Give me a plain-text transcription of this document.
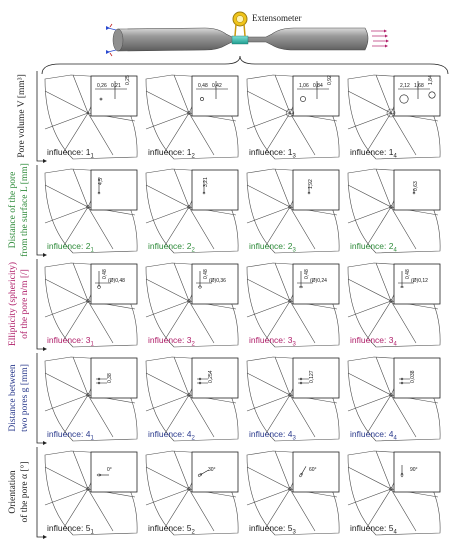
Extensometer
Pore volume V [mm³]	0,26 0,21
0,25
influence: $1_1$
0,48 0,42
influence: $1_2$
1,06 0,84
0,92
influence: $1_3$
2,12 1,68
1,84
influence: $1_4$
Distance of the pore from the surface L [mm]	4,5
influence: $2_1$
3,21
influence: $2_2$
1,92
influence: $2_3$
0,63
influence: $2_4$
Ellipticity (sphericity) of the pore n/m [/]	0,48
(Ø)0,48
influence: $3_1$
0,48
(Ø)0,36
influence: $3_2$
0,48
(Ø)0,24
influence: $3_3$
0,48
(Ø)0,12
influence: $3_4$
Distance between two pores g [mm]	0,38
influence: $4_1$
0,254
influence: $4_2$
0,127
influence: $4_3$
0,038
influence: $4_4$
Orientation of the pore α [°]	0°
influence: $5_1$
30°
influence: $5_2$
60°
influence: $5_3$
90°
influence: $5_4$
